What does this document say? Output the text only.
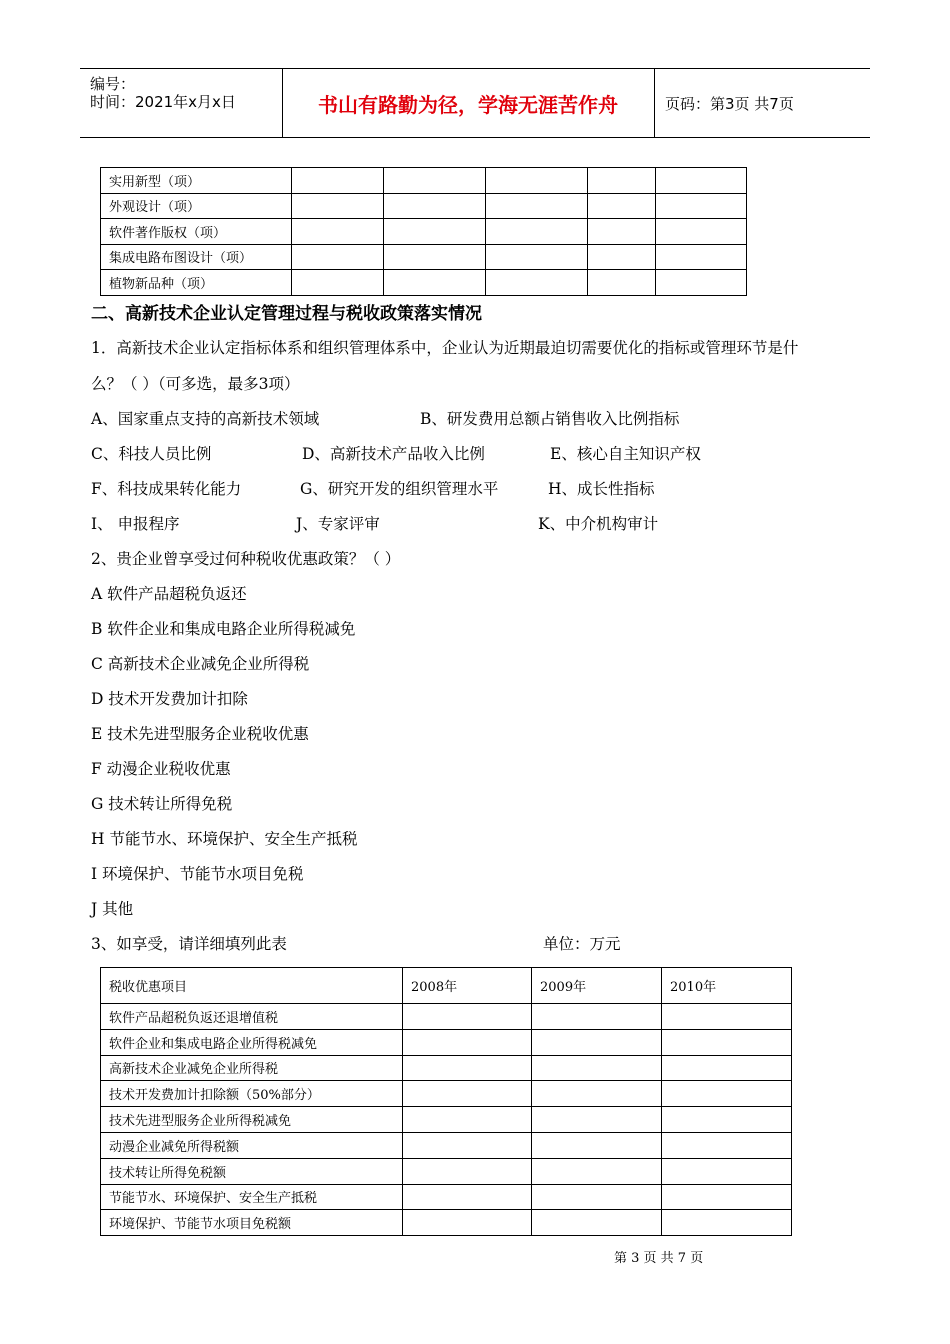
编号：
时间：2021年x月x日	书山有路勤为径，学海无涯苦作舟	页码：第3页 共7页
实用新型（项）					
外观设计（项）					
软件著作版权（项）					
集成电路布图设计（项）					
植物新品种（项）					
二、高新技术企业认定管理过程与税收政策落实情况
1．高新技术企业认定指标体系和组织管理体系中，企业认为近期最迫切需要优化的指标或管理环节是什
么？（ ）（可多选，最多3项）
A、国家重点支持的高新技术领域	B、研发费用总额占销售收入比例指标
C、科技人员比例	D、高新技术产品收入比例	E、核心自主知识产权
F、科技成果转化能力	G、研究开发的组织管理水平	H、成长性指标
I、 申报程序	J、专家评审	K、中介机构审计
2、贵企业曾享受过何种税收优惠政策？（ ）
A 软件产品超税负返还
B 软件企业和集成电路企业所得税减免
C 高新技术企业减免企业所得税
D 技术开发费加计扣除
E 技术先进型服务企业税收优惠
F 动漫企业税收优惠
G 技术转让所得免税
H 节能节水、环境保护、安全生产抵税
I 环境保护、节能节水项目免税
J 其他
3、如享受，请详细填列此表	单位：万元
税收优惠项目	2008年	2009年	2010年
软件产品超税负返还退增值税			
软件企业和集成电路企业所得税减免			
高新技术企业减免企业所得税			
技术开发费加计扣除额（50%部分）			
技术先进型服务企业所得税减免			
动漫企业减免所得税额			
技术转让所得免税额			
节能节水、环境保护、安全生产抵税			
环境保护、节能节水项目免税额			
第 3 页 共 7 页
